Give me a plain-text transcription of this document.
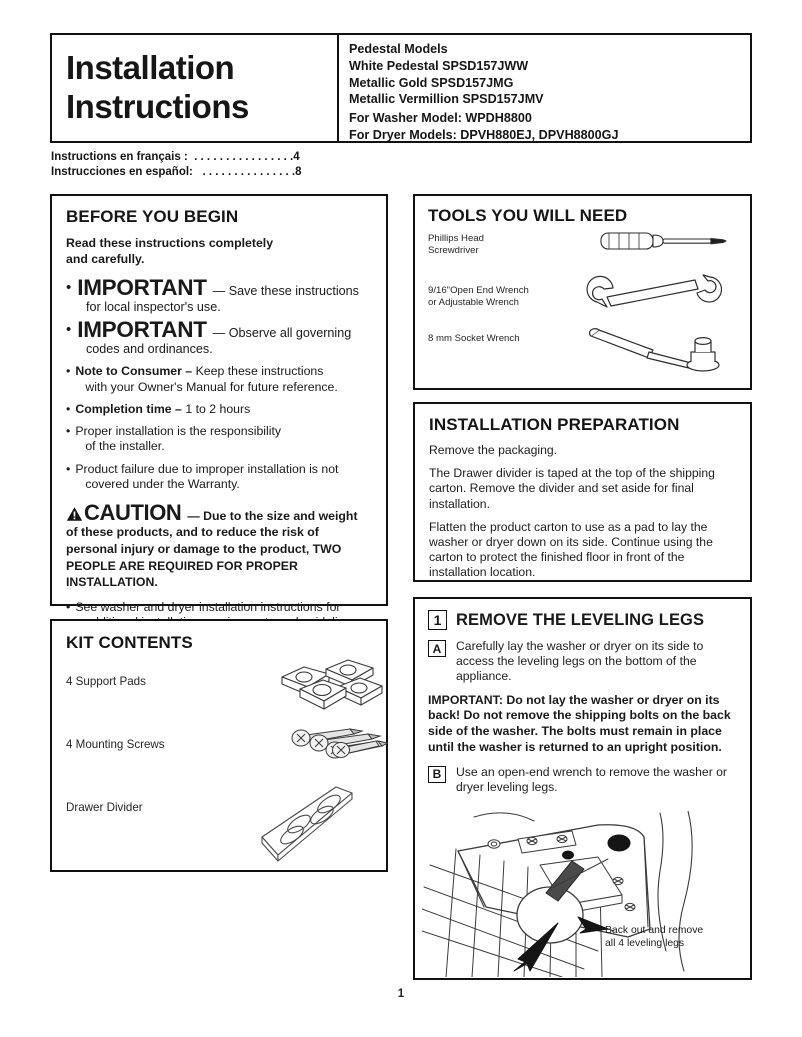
Installation
Instructions
Pedestal Models
White Pedestal SPSD157JWW
Metallic Gold SPSD157JMG
Metallic Vermillion SPSD157JMV
For Washer Model: WPDH8800
For Dryer Models: DPVH880EJ, DPVH8800GJ
Instructions en français :  . . . . . . . . . . . . . . . .4
Instrucciones en español:   . . . . . . . . . . . . . . .8
BEFORE YOU BEGIN
Read these instructions completely
and carefully.
• IMPORTANT — Save these instructions
for local inspector's use.
• IMPORTANT — Observe all governing
codes and ordinances.
• Note to Consumer – Keep these instructions
with your Owner's Manual for future reference.
• Completion time – 1 to 2 hours
• Proper installation is the responsibility
of the installer.
• Product failure due to improper installation is not
covered under the Warranty.
CAUTION — Due to the size and weight
of these products, and to reduce the risk of
personal injury or damage to the product, TWO
PEOPLE ARE REQUIRED FOR PROPER INSTALLATION.
• See washer and dryer installation instructions for
KIT CONTENTS
4 Support Pads
4 Mounting Screws
Drawer Divider
TOOLS YOU WILL NEED
Phillips Head
Screwdriver
9/16"Open End Wrench
or Adjustable Wrench
8 mm Socket Wrench
INSTALLATION PREPARATION
Remove the packaging.
The Drawer divider is taped at the top of the shipping carton. Remove the divider and set aside for final installation.
Flatten the product carton to use as a pad to lay the washer or dryer down on its side. Continue using the carton to protect the finished floor in front of the installation location.
1 REMOVE THE LEVELING LEGS
A	Carefully lay the washer or dryer on its side to access the leveling legs on the bottom of the appliance.
IMPORTANT: Do not lay the washer or dryer on its back! Do not remove the shipping bolts on the back side of the washer. The bolts must remain in place until the washer is returned to an upright position.
B	Use an open-end wrench to remove the washer or dryer leveling legs.
Back out and remove
all 4 leveling legs
1
